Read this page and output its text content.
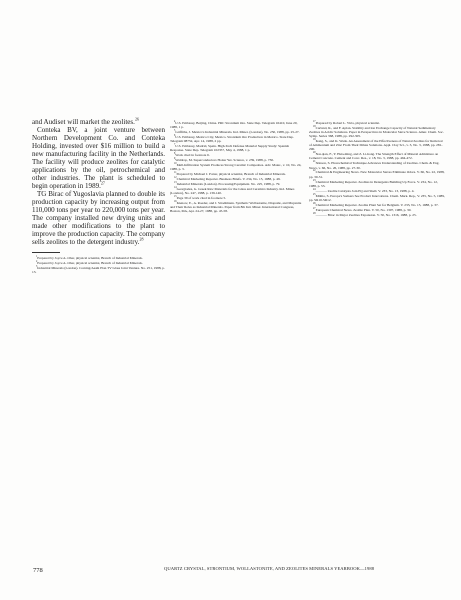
and Audiset will market the zeolites.$^{26}$

Conteka BV, a joint venture between Northern Development Co. and Conteka Holding, invested over $16 million to build a new manufacturing facility in the Netherlands. The facility will produce zeolites for catalytic applications by the oil, petrochemical and other industries. The plant is scheduled to begin operation in 1989.27

TG Birac of Yugoslavia planned to double its production capacity by increasing output from 110,000 tons per year to 220,000 tons per year. The company installed new drying units and made other modifications to the plant to improve the production capacity. The company sells zeolites to the detergent industry.$^{28}$

$^1$Prepared by Joyce A. Ober, physical scientist, Branch of Industrial Minerals.

$^2$Prepared by Joyce A. Ober, physical scientist, Branch of Industrial Minerals.

$^3$Industrial Minerals (London). Corning/Asahi Plan TV Glass Joint Venture. No. 251, 1988, p. 13.

$^4$U.S. Embassy, Beijing, China. PRC Strontium Ore. State Dep. Telegram 16410, June 20, 1988, 1 p.

$^5$Griffiths, J. Mexico's Industrial Minerals. Ind. Miner. (London), No. 250, 1988, pp. 25-27.

$^6$U.S. Embassy, Mexico City, Mexico. Strontium Ore Production in Mexico. State Dep. Telegram 08752, Apr. 14, 1988, 2 pp.

$^7$U.S. Embassy, Madrid, Spain. High-Tech Defense Material Supply Study: Spanish Response. State Dep. Telegram 102357, May 4, 1988, 1 p.

$^8$Work cited in footnote 6.

$^9$Waldrop, M. Superconductors Hotter Yet. Science, v. 239, 1988, p. 730.

$^{10}$Mell-Infiltration System Produces Strong Ceramic Composites. Adv. Mater., v. 10, No. 24, 1988, p. 3.

$^{11}$Prepared by Michael J. Potter, physical scientist, Branch of Industrial Minerals.

$^{12}$Chemical Marketing Reporter. Business Briefs. V. 234, No. 15, 1988, p. 49.

$^{13}$Industrial Minerals (London). Processing/Equipment. No. 225, 1988, p. 79.

$^{14}$Georgiades, G. Greek Raw Materials for the Glass and Ceramics Industry. Ind. Miner. (London), No. 247, 1988, p. 139-140.

$^{15}$Page 39 of work cited in footnote 5.

$^{16}$Kienow, E., A. Roeder, and J. Stradtmann. Synthetic Wollastonite, Diopside, and Mayenite and Their Roles as Industrial Minerals. Paper from 8th Ind. Miner. International Congress, Boston, MA, Apr. 24-27, 1988, pp. 45-58.

$^{17}$Prepared by Robert L. Virta, physical scientist.

$^{18}$Carland, R., and F. Aplan. Stability and Ion Exchange Capacity of Natural Sedimentary Zeolites in Acidic Solutions. Paper in Perspectives in Molecular Sieve Science. Amer. Chem. Soc. Symp. Series 368, 1988, pp. 292-305.

$^{19}$Kang, S., and K. Wada. An Assessment of the Effectiveness of Natural Zeolites for Removal of Ammonium and Zinc From Their Dilute Solutions. Appl. Clay Sci., v. 3, No. 3, 1988, pp. 281-290.

$^{20}$Nai-qian, F., Y. Hsia-ming, and Z. Li-hong. The Strength Effect of Mineral Admixture on Cement Concrete. Cement and Conc. Res., v. 18, No. 3, 1988, pp. 464-472.

$^{21}$Stinson, S. Photochemical Technique Advances Understanding of Zeolites. Chem. & Eng. News, v. 66, No. 26, 1988, pp. 27-30.

$^{22}$Chemical & Engineering News. New Molecular Sieves Eliminate Odors. V. 66, No. 22, 1988, pp. 30-31.

$^{23}$Chemical Marketing Reporter. Zeolites in Detergents Building Up Force. V. 234, No. 12, 1988, p. 53.

$^{24}$———. Zeolite Catalysts Join PQ and Shell. V. 233, No. 13, 1988, p. 4.

$^{25}$Milmo, S. Europe's Sudsers See Product Innovations. Chem. Mark. Rep., V. 235, No. 5, 1989, pp. SR10-SR12.

$^{26}$Chemical Marketing Reporter. Zeolite Plant Set for Belgium. V. 233, No. 15, 1988, p. 37.

$^{27}$European Chemical News. Zeolite Plan. V. 50, No. 1307, 1988, p. 30.

$^{28}$———. Birac in Major Zeolites Expansion. V. 50, No. 1316, 1988, p. 25.

778	QUARTZ CRYSTAL, STRONTIUM, WOLLASTONITE, AND ZEOLITES MINERALS YEARBOOK—1988
